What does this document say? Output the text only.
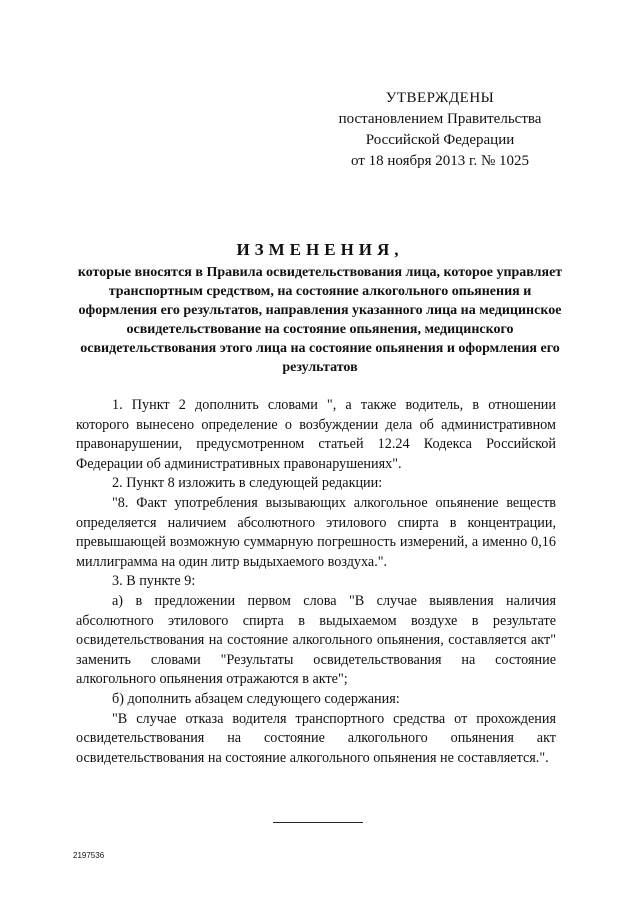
УТВЕРЖДЕНЫ
постановлением Правительства
Российской Федерации
от 18 ноября 2013 г. № 1025
ИЗМЕНЕНИЯ,
которые вносятся в Правила освидетельствования лица, которое управляет транспортным средством, на состояние алкогольного опьянения и оформления его результатов, направления указанного лица на медицинское освидетельствование на состояние опьянения, медицинского освидетельствования этого лица на состояние опьянения и оформления его результатов

1. Пункт 2 дополнить словами ", а также водитель, в отношении которого вынесено определение о возбуждении дела об административном правонарушении, предусмотренном статьей 12.24 Кодекса Российской Федерации об административных правонарушениях".

2. Пункт 8 изложить в следующей редакции:

"8. Факт употребления вызывающих алкогольное опьянение веществ определяется наличием абсолютного этилового спирта в концентрации, превышающей возможную суммарную погрешность измерений, а именно 0,16 миллиграмма на один литр выдыхаемого воздуха.".

3. В пункте 9:

а) в предложении первом слова "В случае выявления наличия абсолютного этилового спирта в выдыхаемом воздухе в результате освидетельствования на состояние алкогольного опьянения, составляется акт" заменить словами "Результаты освидетельствования на состояние алкогольного опьянения отражаются в акте";

б) дополнить абзацем следующего содержания:

"В случае отказа водителя транспортного средства от прохождения освидетельствования на состояние алкогольного опьянения акт освидетельствования на состояние алкогольного опьянения не составляется.".

2197536
